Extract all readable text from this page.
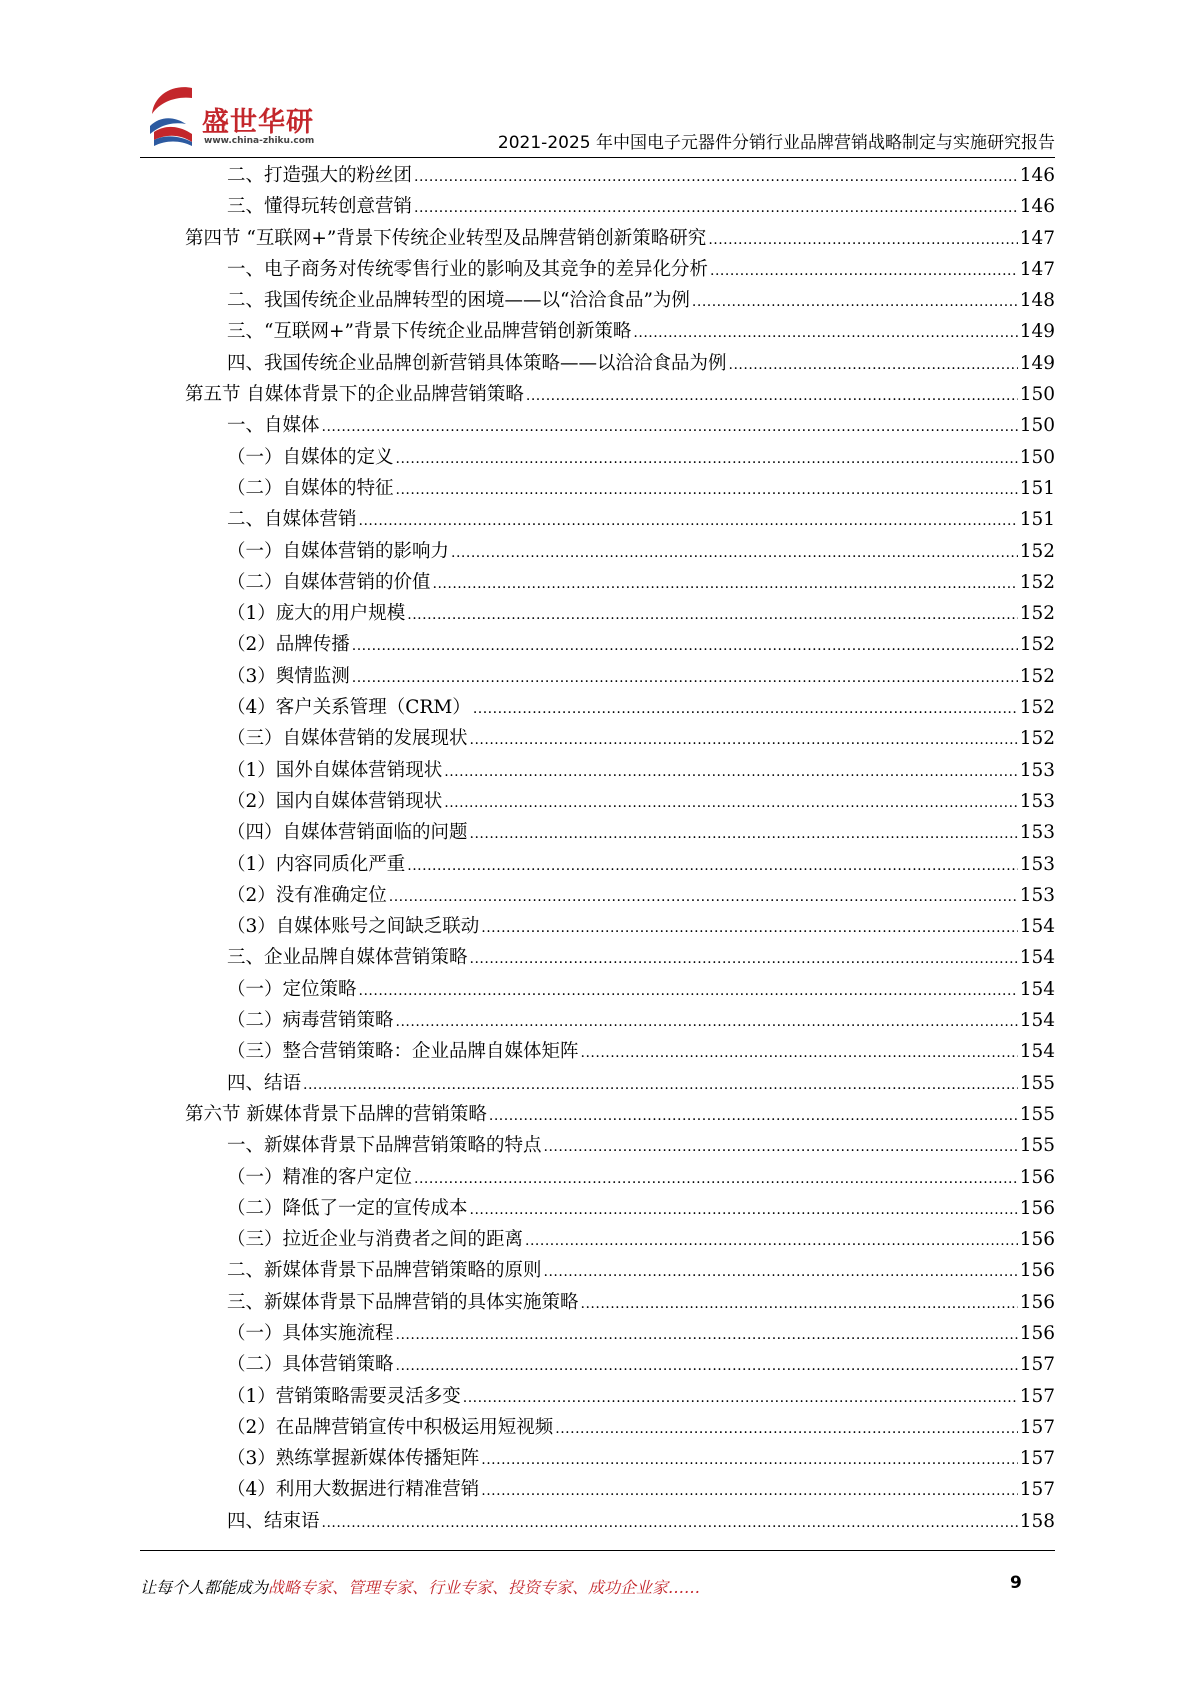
盛世华研
www.china-zhiku.com	2021-2025 年中国电子元器件分销行业品牌营销战略制定与实施研究报告
二、打造强大的粉丝团 .....	146
三、懂得玩转创意营销 .....	146
第四节 “互联网+”背景下传统企业转型及品牌营销创新策略研究 .....	147
一、电子商务对传统零售行业的影响及其竞争的差异化分析 .....	147
二、我国传统企业品牌转型的困境——以“洽洽食品”为例 .....	148
三、“互联网+”背景下传统企业品牌营销创新策略 .....	149
四、我国传统企业品牌创新营销具体策略——以洽洽食品为例 .....	149
第五节 自媒体背景下的企业品牌营销策略 .....	150
一、自媒体 .....	150
（一）自媒体的定义 .....	150
（二）自媒体的特征 .....	151
二、自媒体营销 .....	151
（一）自媒体营销的影响力 .....	152
（二）自媒体营销的价值 .....	152
（1）庞大的用户规模 .....	152
（2）品牌传播 .....	152
（3）舆情监测 .....	152
（4）客户关系管理（CRM） .....	152
（三）自媒体营销的发展现状 .....	152
（1）国外自媒体营销现状 .....	153
（2）国内自媒体营销现状 .....	153
（四）自媒体营销面临的问题 .....	153
（1）内容同质化严重 .....	153
（2）没有准确定位 .....	153
（3）自媒体账号之间缺乏联动 .....	154
三、企业品牌自媒体营销策略 .....	154
（一）定位策略 .....	154
（二）病毒营销策略 .....	154
（三）整合营销策略：企业品牌自媒体矩阵 .....	154
四、结语 .....	155
第六节 新媒体背景下品牌的营销策略 .....	155
一、新媒体背景下品牌营销策略的特点 .....	155
（一）精准的客户定位 .....	156
（二）降低了一定的宣传成本 .....	156
（三）拉近企业与消费者之间的距离 .....	156
二、新媒体背景下品牌营销策略的原则 .....	156
三、新媒体背景下品牌营销的具体实施策略 .....	156
（一）具体实施流程 .....	156
（二）具体营销策略 .....	157
（1）营销策略需要灵活多变 .....	157
（2）在品牌营销宣传中积极运用短视频 .....	157
（3）熟练掌握新媒体传播矩阵 .....	157
（4）利用大数据进行精准营销 .....	157
四、结束语 .....	158
让每个人都能成为战略专家、管理专家、行业专家、投资专家、成功企业家……	9
